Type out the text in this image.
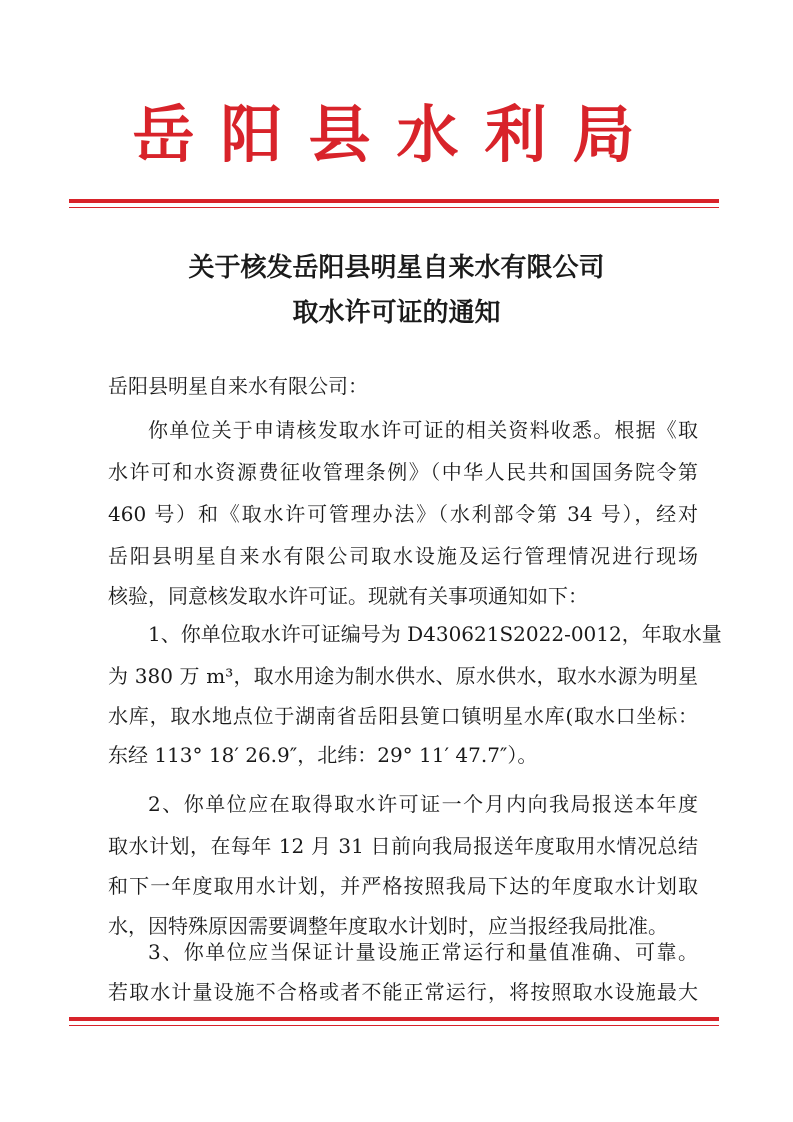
岳阳县水利局
关于核发岳阳县明星自来水有限公司
取水许可证的通知
岳阳县明星自来水有限公司：
你单位关于申请核发取水许可证的相关资料收悉。根据《取
水许可和水资源费征收管理条例》（中华人民共和国国务院令第
460 号）和《取水许可管理办法》（水利部令第 34 号），经对
岳阳县明星自来水有限公司取水设施及运行管理情况进行现场
核验，同意核发取水许可证。现就有关事项通知如下：
1、你单位取水许可证编号为 D430621S2022-0012，年取水量
为 380 万 m³，取水用途为制水供水、原水供水，取水水源为明星
水库，取水地点位于湖南省岳阳县筻口镇明星水库(取水口坐标：
东经 113° 18′ 26.9″，北纬：29° 11′ 47.7″）。
2、你单位应在取得取水许可证一个月内向我局报送本年度
取水计划，在每年 12 月 31 日前向我局报送年度取用水情况总结
和下一年度取用水计划，并严格按照我局下达的年度取水计划取
水，因特殊原因需要调整年度取水计划时，应当报经我局批准。
3、你单位应当保证计量设施正常运行和量值准确、可靠。
若取水计量设施不合格或者不能正常运行，将按照取水设施最大
